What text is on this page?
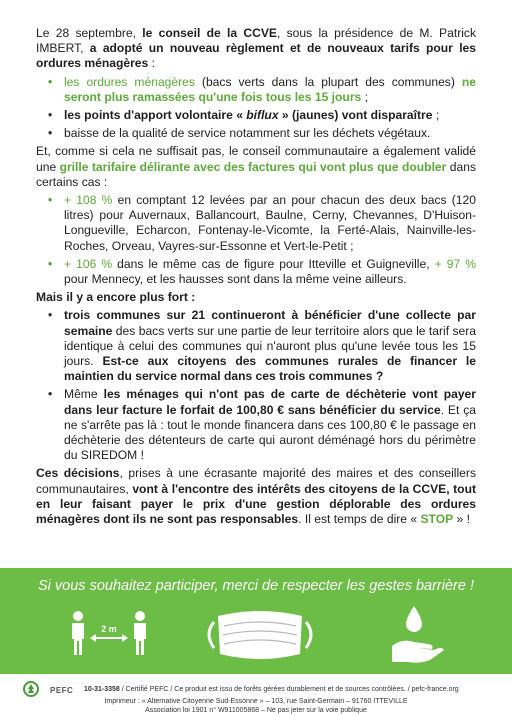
Le 28 septembre, le conseil de la CCVE, sous la présidence de M. Patrick IMBERT, a adopté un nouveau règlement et de nouveaux tarifs pour les ordures ménagères :

• les ordures ménagères (bacs verts dans la plupart des communes) ne seront plus ramassées qu'une fois tous les 15 jours ;
• les points d'apport volontaire « biflux » (jaunes) vont disparaître ;
• baisse de la qualité de service notamment sur les déchets végétaux.

Et, comme si cela ne suffisait pas, le conseil communautaire a également validé une grille tarifaire délirante avec des factures qui vont plus que doubler dans certains cas :

• + 108 % en comptant 12 levées par an pour chacun des deux bacs (120 litres) pour Auvernaux, Ballancourt, Baulne, Cerny, Chevannes, D'Huison-Longueville, Echarcon, Fontenay-le-Vicomte, la Ferté-Alais, Nainville-les-Roches, Orveau, Vayres-sur-Essonne et Vert-le-Petit ;
• + 106 % dans le même cas de figure pour Itteville et Guigneville, + 97 % pour Mennecy, et les hausses sont dans la même veine ailleurs.

Mais il y a encore plus fort :

• trois communes sur 21 continueront à bénéficier d'une collecte par semaine des bacs verts sur une partie de leur territoire alors que le tarif sera identique à celui des communes qui n'auront plus qu'une levée tous les 15 jours. Est-ce aux citoyens des communes rurales de financer le maintien du service normal dans ces trois communes ?
• Même les ménages qui n'ont pas de carte de déchèterie vont payer dans leur facture le forfait de 100,80 € sans bénéficier du service. Et ça ne s'arrête pas là : tout le monde financera dans ces 100,80 € le passage en déchèterie des détenteurs de carte qui auront déménagé hors du périmètre du SIREDOM !

Ces décisions, prises à une écrasante majorité des maires et des conseillers communautaires, vont à l'encontre des intérêts des citoyens de la CCVE, tout en leur faisant payer le prix d'une gestion déplorable des ordures ménagères dont ils ne sont pas responsables. Il est temps de dire « STOP » !

Si vous souhaitez participer, merci de respecter les gestes barrière !
2 m
PEFC 10-31-3358 / Certifié PEFC / Ce produit est issu de forêts gérées durablement et de sources contrôlées. / pefc-france.org
Imprimeur : « Alternative Citoyenne Sud-Essonne » – 103, rue Saint-Germain – 91760 ITTEVILLE
Association loi 1901 n° W911005868 – Ne pas jeter sur la voie publique
